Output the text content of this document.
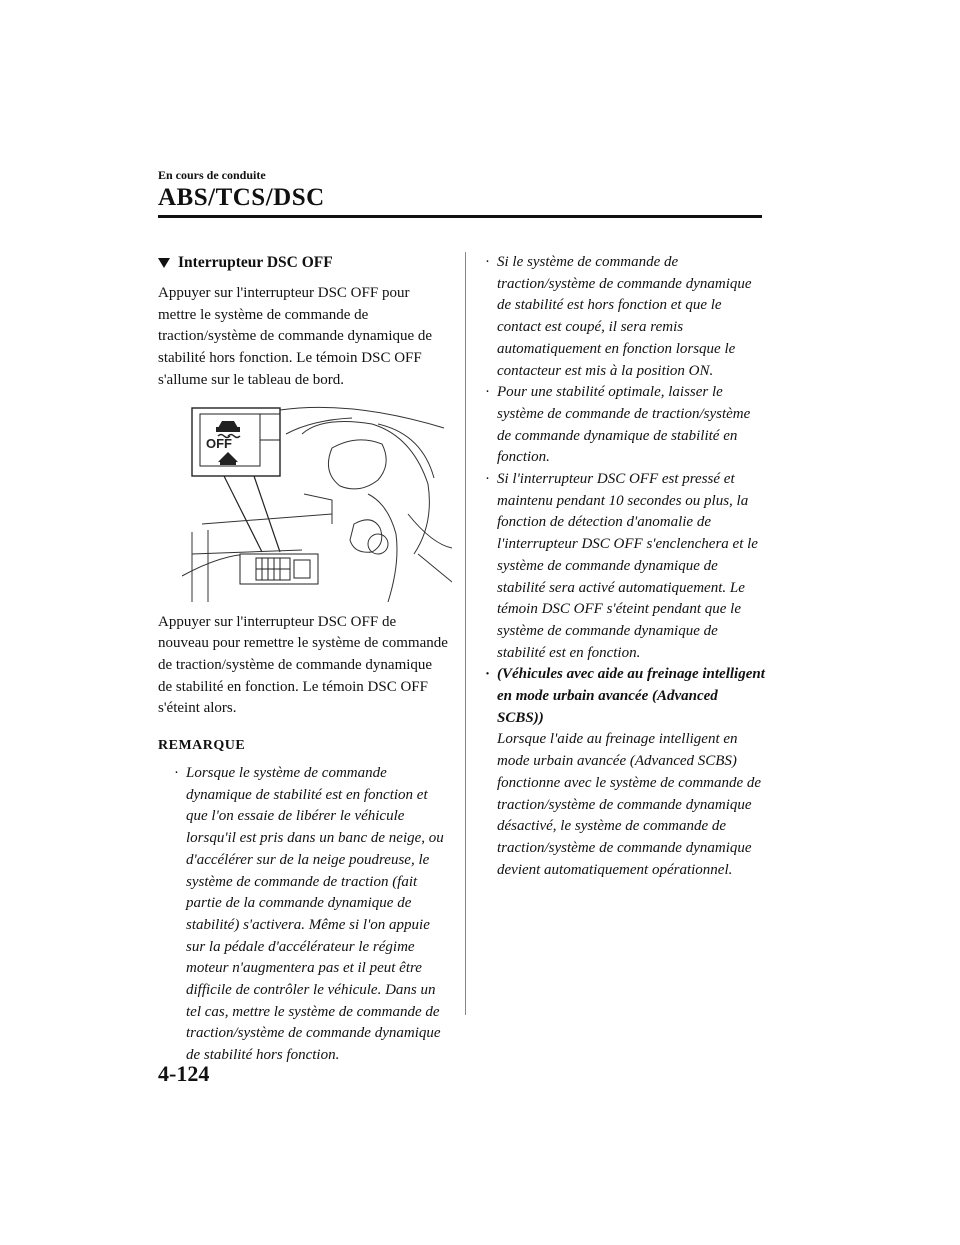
En cours de conduite
ABS/TCS/DSC
Interrupteur DSC OFF

Appuyer sur l'interrupteur DSC OFF pour mettre le système de commande de traction/système de commande dynamique de stabilité hors fonction. Le témoin DSC OFF s'allume sur le tableau de bord.

OFF

Appuyer sur l'interrupteur DSC OFF de nouveau pour remettre le système de commande de traction/système de commande dynamique de stabilité en fonction. Le témoin DSC OFF s'éteint alors.

REMARQUE
· Lorsque le système de commande dynamique de stabilité est en fonction et que l'on essaie de libérer le véhicule lorsqu'il est pris dans un banc de neige, ou d'accélérer sur de la neige poudreuse, le système de commande de traction (fait partie de la commande dynamique de stabilité) s'activera. Même si l'on appuie sur la pédale d'accélérateur le régime moteur n'augmentera pas et il peut être difficile de contrôler le véhicule. Dans un tel cas, mettre le système de commande de traction/système de commande dynamique de stabilité hors fonction.
· Si le système de commande de traction/système de commande dynamique de stabilité est hors fonction et que le contact est coupé, il sera remis automatiquement en fonction lorsque le contacteur est mis à la position ON.
· Pour une stabilité optimale, laisser le système de commande de traction/système de commande dynamique de stabilité en fonction.
· Si l'interrupteur DSC OFF est pressé et maintenu pendant 10 secondes ou plus, la fonction de détection d'anomalie de l'interrupteur DSC OFF s'enclenchera et le système de commande dynamique de stabilité sera activé automatiquement. Le témoin DSC OFF s'éteint pendant que le système de commande dynamique de stabilité est en fonction.
· (Véhicules avec aide au freinage intelligent en mode urbain avancée (Advanced SCBS))
Lorsque l'aide au freinage intelligent en mode urbain avancée (Advanced SCBS) fonctionne avec le système de commande de traction/système de commande dynamique désactivé, le système de commande de traction/système de commande dynamique devient automatiquement opérationnel.
4-124
